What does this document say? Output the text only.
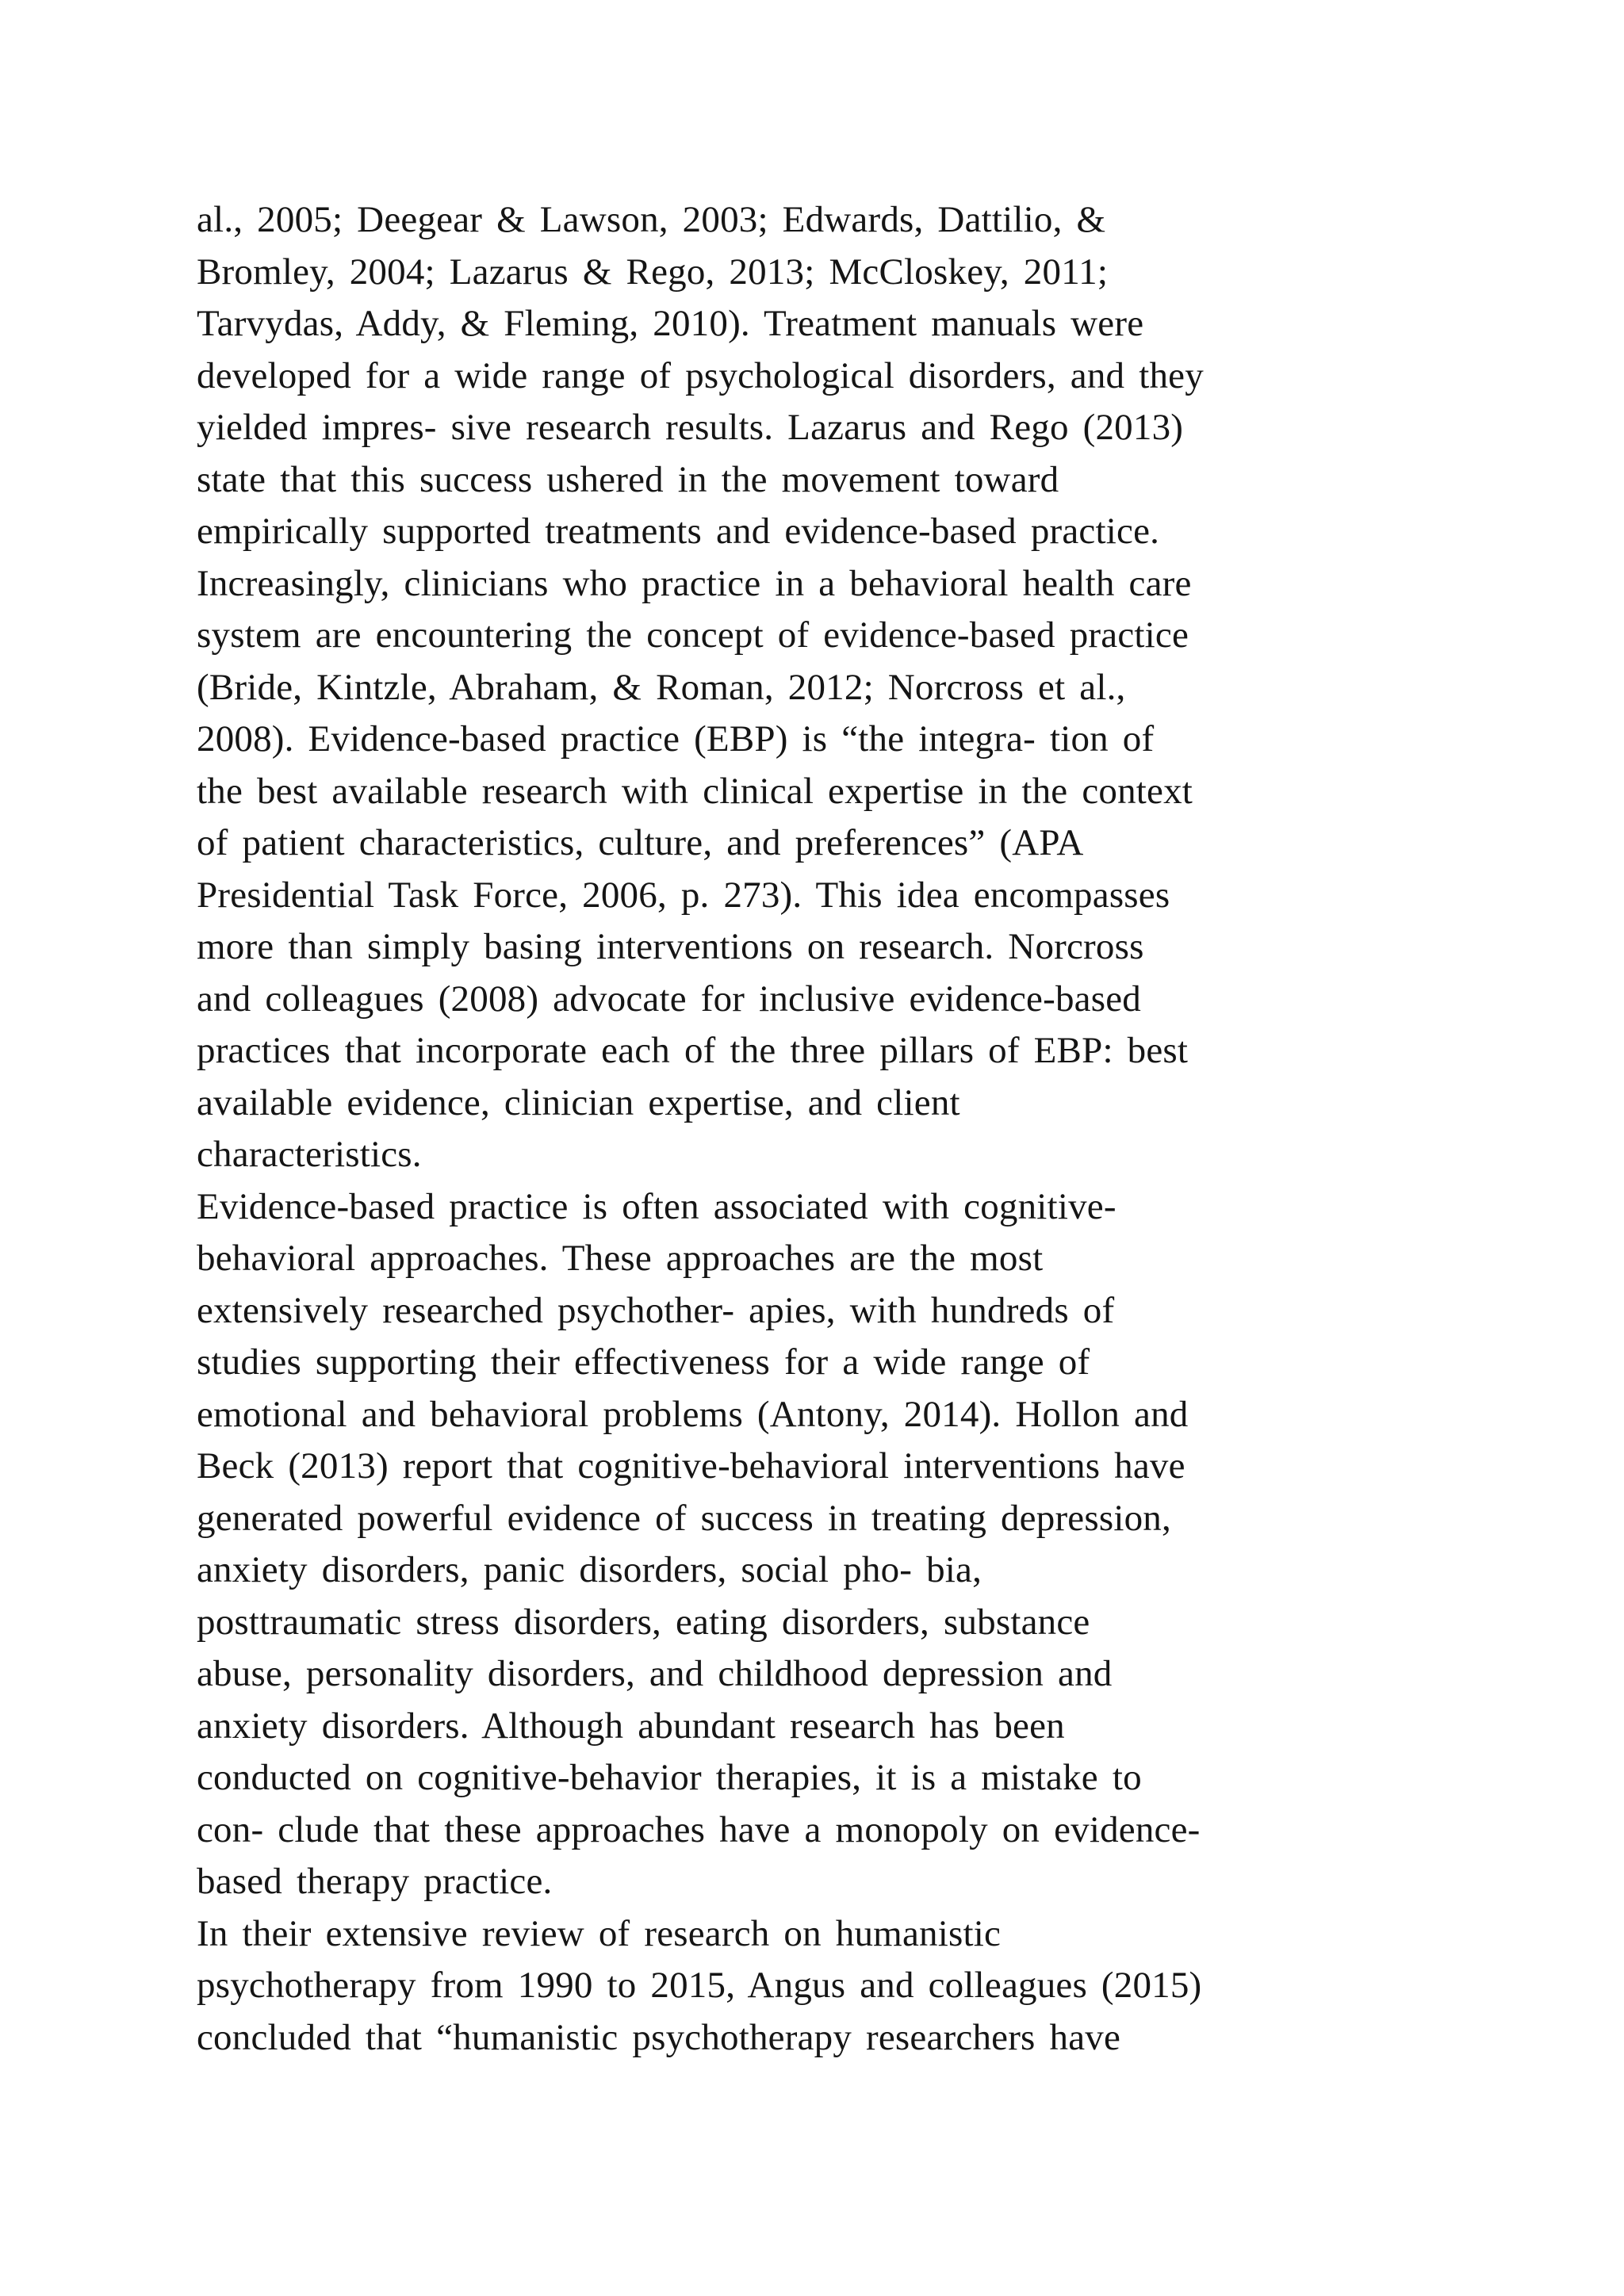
al., 2005; Deegear & Lawson, 2003; Edwards, Dattilio, &
Bromley, 2004; Lazarus & Rego, 2013; McCloskey, 2011;
Tarvydas, Addy, & Fleming, 2010). Treatment manuals were
developed for a wide range of psychological disorders, and they
yielded impres- sive research results. Lazarus and Rego (2013)
state that this success ushered in the movement toward
empirically supported treatments and evidence-based practice.
Increasingly, clinicians who practice in a behavioral health care
system are encountering the concept of evidence-based practice
(Bride, Kintzle, Abraham, & Roman, 2012; Norcross et al.,
2008). Evidence-based practice (EBP) is “the integra- tion of
the best available research with clinical expertise in the context
of patient characteristics, culture, and preferences” (APA
Presidential Task Force, 2006, p. 273). This idea encompasses
more than simply basing interventions on research. Norcross
and colleagues (2008) advocate for inclusive evidence-based
practices that incorporate each of the three pillars of EBP: best
available evidence, clinician expertise, and client
characteristics.
Evidence-based practice is often associated with cognitive-
behavioral approaches. These approaches are the most
extensively researched psychother- apies, with hundreds of
studies supporting their effectiveness for a wide range of
emotional and behavioral problems (Antony, 2014). Hollon and
Beck (2013) report that cognitive-behavioral interventions have
generated powerful evidence of success in treating depression,
anxiety disorders, panic disorders, social pho- bia,
posttraumatic stress disorders, eating disorders, substance
abuse, personality disorders, and childhood depression and
anxiety disorders. Although abundant research has been
conducted on cognitive-behavior therapies, it is a mistake to
con- clude that these approaches have a monopoly on evidence-
based therapy practice.
In their extensive review of research on humanistic
psychotherapy from 1990 to 2015, Angus and colleagues (2015)
concluded that “humanistic psychotherapy researchers have
